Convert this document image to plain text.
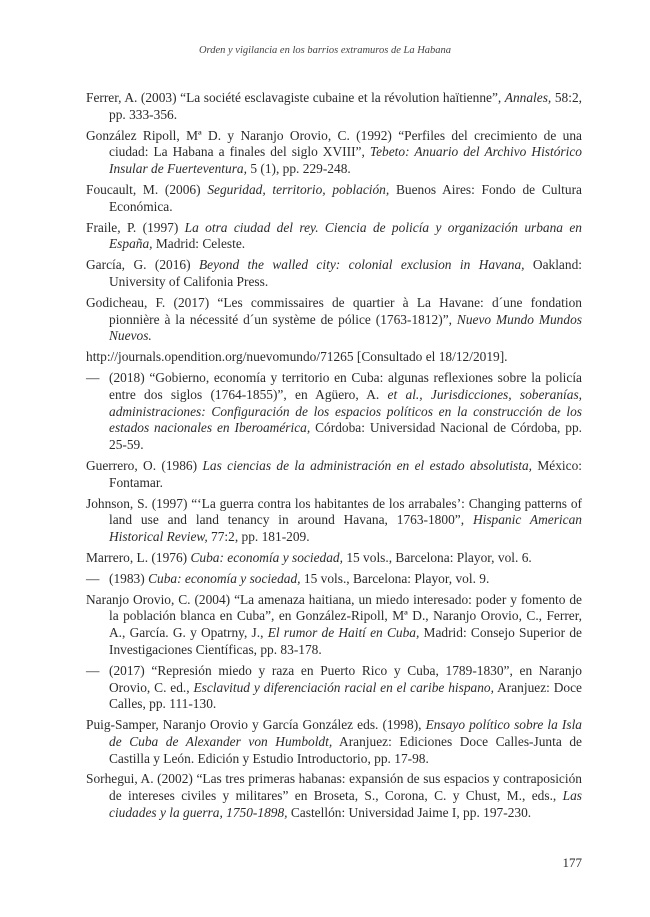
Orden y vigilancia en los barrios extramuros de La Habana

Ferrer, A. (2003) “La société esclavagiste cubaine et la révolution haïtienne”, Annales, 58:2, pp. 333-356.

González Ripoll, Mª D. y Naranjo Orovio, C. (1992) “Perfiles del crecimiento de una ciudad: La Habana a finales del siglo XVIII”, Tebeto: Anuario del Archivo Histórico Insular de Fuerteventura, 5 (1), pp. 229-248.

Foucault, M. (2006) Seguridad, territorio, población, Buenos Aires: Fondo de Cultura Económica.

Fraile, P. (1997) La otra ciudad del rey. Ciencia de policía y organización urbana en España, Madrid: Celeste.

García, G. (2016) Beyond the walled city: colonial exclusion in Havana, Oakland: University of Califonia Press.

Godicheau, F. (2017) “Les commissaires de quartier à La Havane: d´une fondation pionnière à la nécessité d´un système de pólice (1763-1812)”, Nuevo Mundo Mundos Nuevos.

http://journals.opendition.org/nuevomundo/71265 [Consultado el 18/12/2019].

— (2018) “Gobierno, economía y territorio en Cuba: algunas reflexiones sobre la policía entre dos siglos (1764-1855)”, en Agüero, A. et al., Jurisdicciones, soberanías, administraciones: Configuración de los espacios políticos en la construcción de los estados nacionales en Iberoamérica, Córdoba: Universidad Nacional de Córdoba, pp. 25-59.

Guerrero, O. (1986) Las ciencias de la administración en el estado absolutista, México: Fontamar.

Johnson, S. (1997) “‘La guerra contra los habitantes de los arrabales’: Changing patterns of land use and land tenancy in around Havana, 1763-1800”, Hispanic American Historical Review, 77:2, pp. 181-209.

Marrero, L. (1976) Cuba: economía y sociedad, 15 vols., Barcelona: Playor, vol. 6.

— (1983) Cuba: economía y sociedad, 15 vols., Barcelona: Playor, vol. 9.

Naranjo Orovio, C. (2004) “La amenaza haitiana, un miedo interesado: poder y fomento de la población blanca en Cuba”, en González-Ripoll, Mª D., Naranjo Orovio, C., Ferrer, A., García. G. y Opatrny, J., El rumor de Haití en Cuba, Madrid: Consejo Superior de Investigaciones Científicas, pp. 83-178.

— (2017) “Represión miedo y raza en Puerto Rico y Cuba, 1789-1830”, en Naranjo Orovio, C. ed., Esclavitud y diferenciación racial en el caribe hispano, Aranjuez: Doce Calles, pp. 111-130.

Puig-Samper, Naranjo Orovio y García González eds. (1998), Ensayo político sobre la Isla de Cuba de Alexander von Humboldt, Aranjuez: Ediciones Doce Calles-Junta de Castilla y León. Edición y Estudio Introductorio, pp. 17-98.

Sorhegui, A. (2002) “Las tres primeras habanas: expansión de sus espacios y contraposición de intereses civiles y militares” en Broseta, S., Corona, C. y Chust, M., eds., Las ciudades y la guerra, 1750-1898, Castellón: Universidad Jaime I, pp. 197-230.

177
